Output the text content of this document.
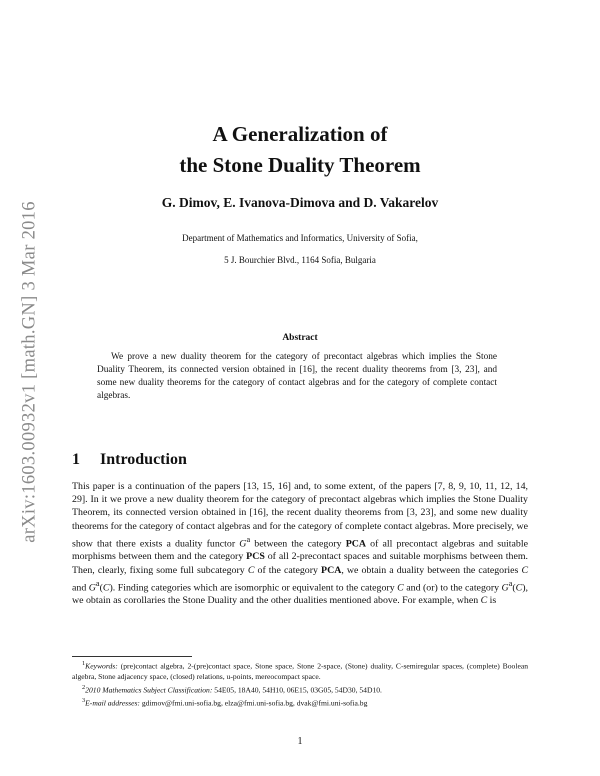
arXiv:1603.00932v1 [math.GN] 3 Mar 2016
A Generalization of
the Stone Duality Theorem
G. Dimov, E. Ivanova-Dimova and D. Vakarelov
Department of Mathematics and Informatics, University of Sofia,
5 J. Bourchier Blvd., 1164 Sofia, Bulgaria
Abstract
We prove a new duality theorem for the category of precontact algebras which implies the Stone Duality Theorem, its connected version obtained in [16], the recent duality theorems from [3, 23], and some new duality theorems for the category of contact algebras and for the category of complete contact algebras.
1 Introduction
This paper is a continuation of the papers [13, 15, 16] and, to some extent, of the papers [7, 8, 9, 10, 11, 12, 14, 29]. In it we prove a new duality theorem for the category of precontact algebras which implies the Stone Duality Theorem, its connected version obtained in [16], the recent duality theorems from [3, 23], and some new duality theorems for the category of contact algebras and for the category of complete contact algebras. More precisely, we show that there exists a duality functor $G^a$ between the category PCA of all precontact algebras and suitable morphisms between them and the category PCS of all 2-precontact spaces and suitable morphisms between them. Then, clearly, fixing some full subcategory C of the category PCA, we obtain a duality between the categories C and $G^a(C)$. Finding categories which are isomorphic or equivalent to the category C and (or) to the category $G^a(C)$, we obtain as corollaries the Stone Duality and the other dualities mentioned above. For example, when C is

$^1$Keywords: (pre)contact algebra, 2-(pre)contact space, Stone space, Stone 2-space, (Stone) duality, C-semiregular spaces, (complete) Boolean algebra, Stone adjacency space, (closed) relations, u-points, mereocompact space.

$^2$2010 Mathematics Subject Classification: 54E05, 18A40, 54H10, 06E15, 03G05, 54D30, 54D10.

$^3$E-mail addresses: gdimov@fmi.uni-sofia.bg, elza@fmi.uni-sofia.bg, dvak@fmi.uni-sofia.bg

1
